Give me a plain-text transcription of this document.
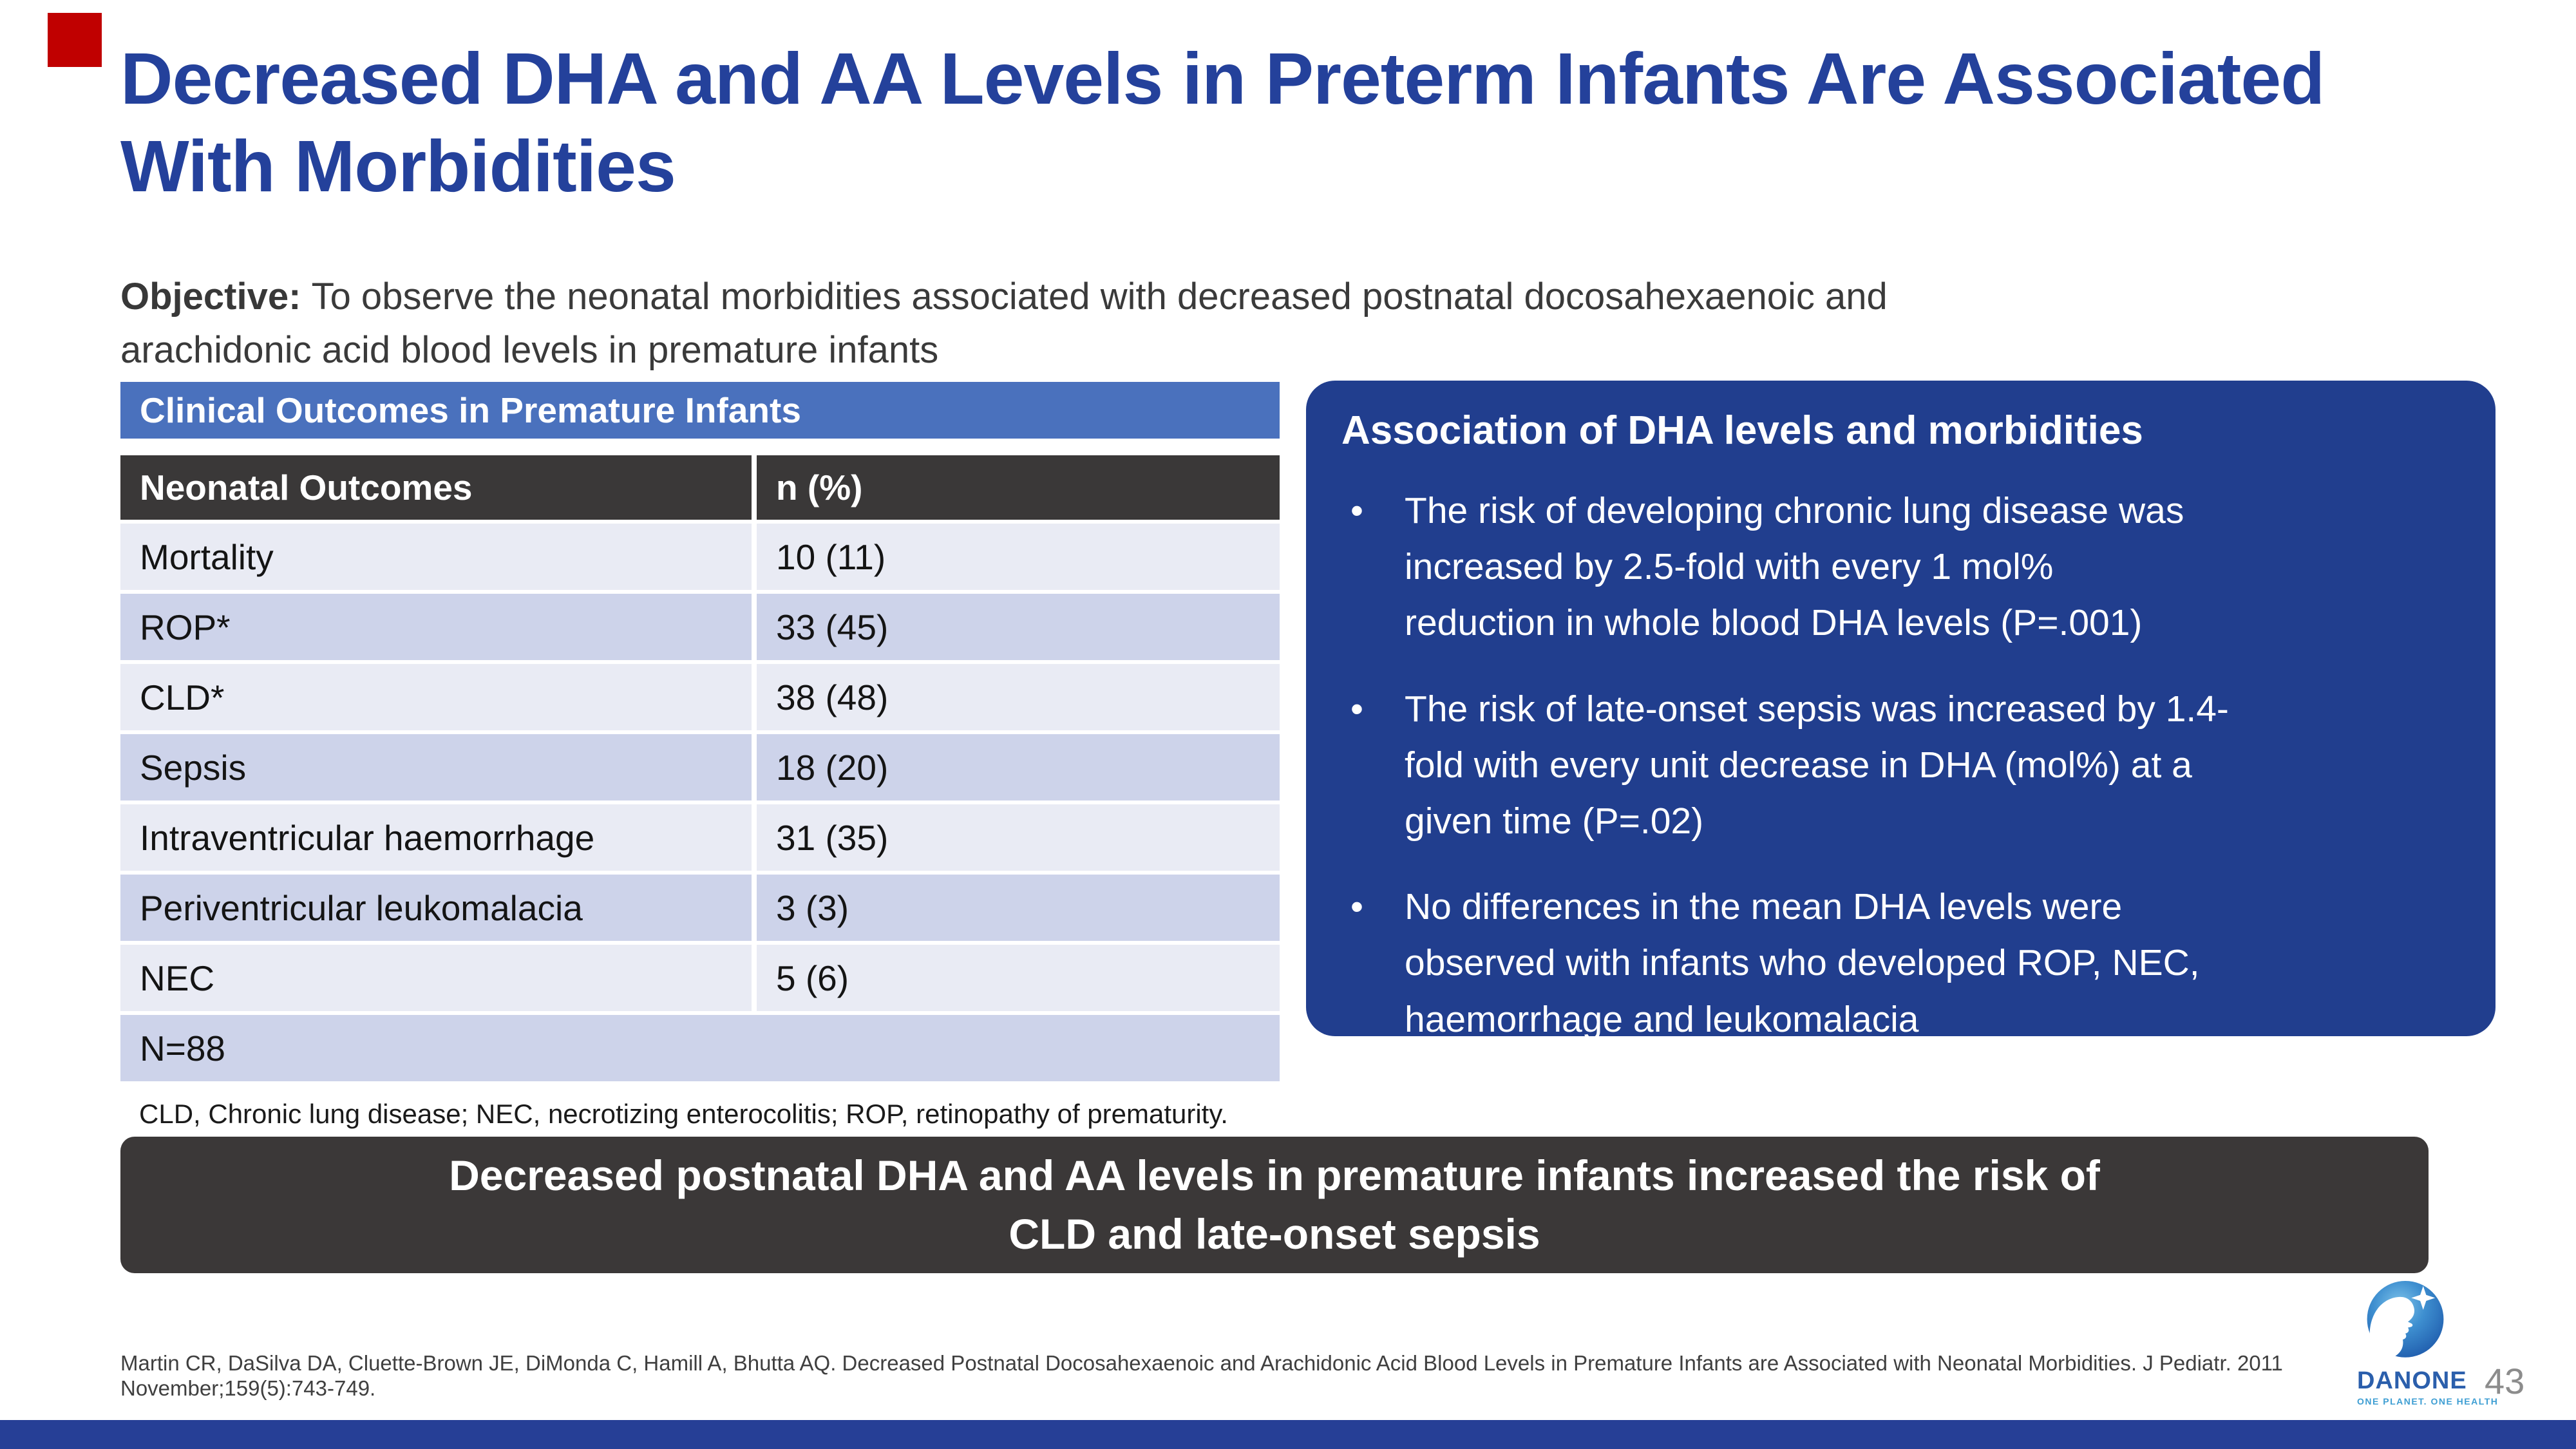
Decreased DHA and AA Levels in Preterm Infants Are Associated
With Morbidities
Objective: To observe the neonatal morbidities associated with decreased postnatal docosahexaenoic and
arachidonic acid blood levels in premature infants
Clinical Outcomes in Premature Infants
Neonatal Outcomes	n (%)
Mortality	10 (11)
ROP*	33 (45)
CLD*	38 (48)
Sepsis	18 (20)
Intraventricular haemorrhage	31 (35)
Periventricular leukomalacia	3 (3)
NEC	5 (6)
N=88
CLD, Chronic lung disease; NEC, necrotizing enterocolitis; ROP, retinopathy of prematurity.
Association of DHA levels and morbidities
• The risk of developing chronic lung disease was
increased by 2.5-fold with every 1 mol%
reduction in whole blood DHA levels (P=.001)
• The risk of late-onset sepsis was increased by 1.4-
fold with every unit decrease in DHA (mol%) at a
given time (P=.02)
• No differences in the mean DHA levels were
observed with infants who developed ROP, NEC,
haemorrhage and leukomalacia
Decreased postnatal DHA and AA levels in premature infants increased the risk of
CLD and late-onset sepsis
Martin CR, DaSilva DA, Cluette-Brown JE, DiMonda C, Hamill A, Bhutta AQ. Decreased Postnatal Docosahexaenoic and Arachidonic Acid Blood Levels in Premature Infants are Associated with Neonatal Morbidities. J Pediatr. 2011
November;159(5):743-749.	DANONE
ONE PLANET. ONE HEALTH
43
